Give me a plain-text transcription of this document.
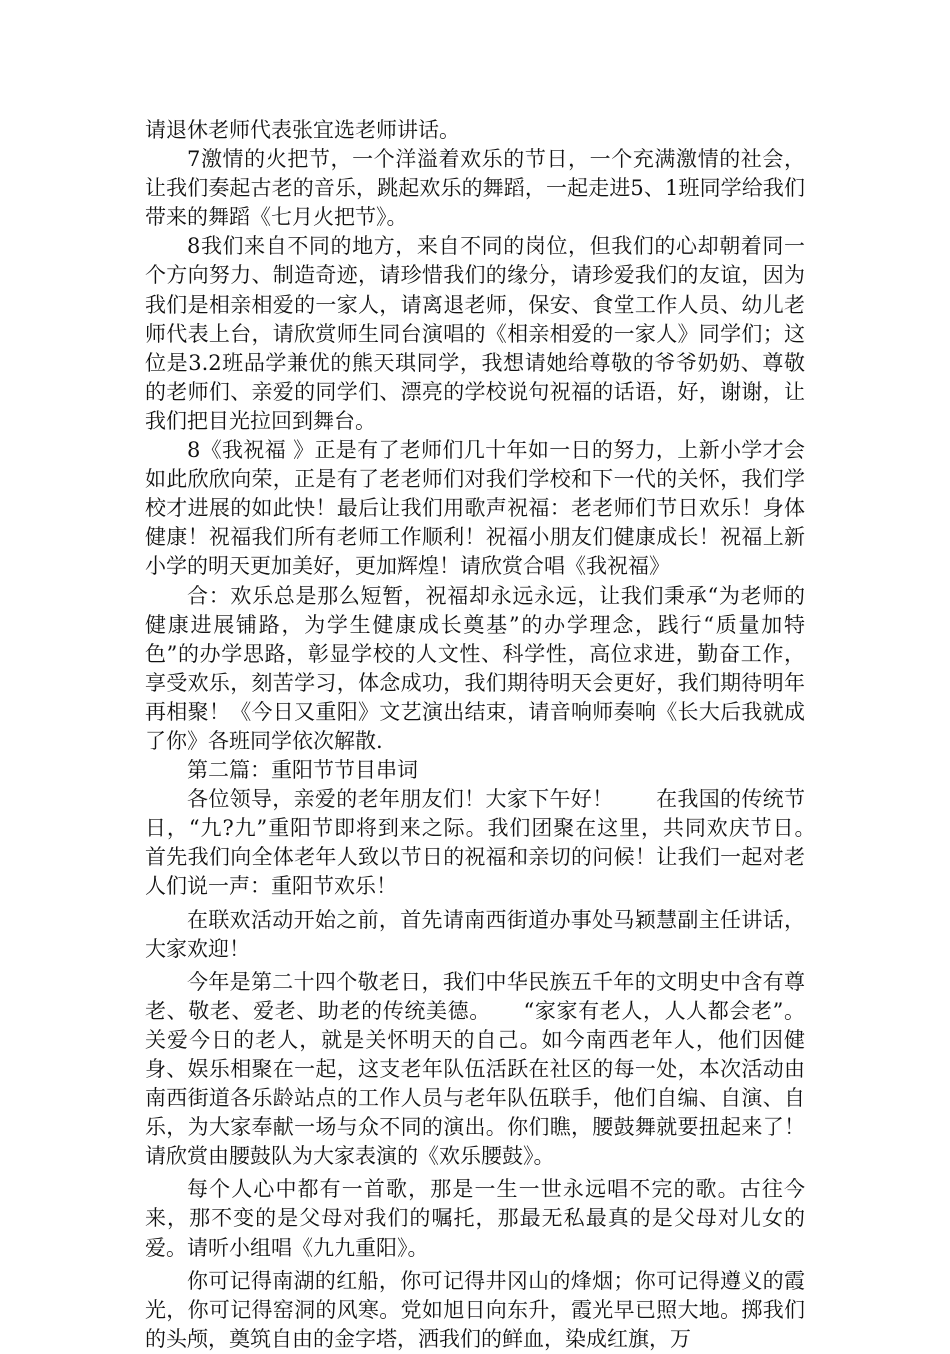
请退休老师代表张宜选老师讲话。

7激情的火把节，一个洋溢着欢乐的节日，一个充满激情的社会，让我们奏起古老的音乐，跳起欢乐的舞蹈，一起走进5、1班同学给我们带来的舞蹈《七月火把节》。

8我们来自不同的地方，来自不同的岗位，但我们的心却朝着同一个方向努力、制造奇迹，请珍惜我们的缘分，请珍爱我们的友谊，因为我们是相亲相爱的一家人，请离退老师，保安、食堂工作人员、幼儿老师代表上台，请欣赏师生同台演唱的《相亲相爱的一家人》同学们；这位是3.2班品学兼优的熊天琪同学，我想请她给尊敬的爷爷奶奶、尊敬的老师们、亲爱的同学们、漂亮的学校说句祝福的话语，好，谢谢，让我们把目光拉回到舞台。

8《我祝福 》正是有了老师们几十年如一日的努力，上新小学才会如此欣欣向荣，正是有了老老师们对我们学校和下一代的关怀，我们学校才进展的如此快！最后让我们用歌声祝福：老老师们节日欢乐！身体健康！祝福我们所有老师工作顺利！祝福小朋友们健康成长！祝福上新小学的明天更加美好，更加辉煌！请欣赏合唱《我祝福》

合：欢乐总是那么短暂，祝福却永远永远，让我们秉承“为老师的健康进展铺路，为学生健康成长奠基”的办学理念，践行“质量加特色”的办学思路，彰显学校的人文性、科学性，高位求进，勤奋工作，享受欢乐，刻苦学习，体念成功，我们期待明天会更好，我们期待明年再相聚！《今日又重阳》文艺演出结束，请音响师奏响《长大后我就成了你》各班同学依次解散.

第二篇：重阳节节目串词

各位领导，亲爱的老年朋友们！大家下午好！　　在我国的传统节日，“九?九”重阳节即将到来之际。我们团聚在这里，共同欢庆节日。　　首先我们向全体老年人致以节日的祝福和亲切的问候！让我们一起对老人们说一声：重阳节欢乐！

在联欢活动开始之前，首先请南西街道办事处马颖慧副主任讲话，大家欢迎！

今年是第二十四个敬老日，我们中华民族五千年的文明史中含有尊老、敬老、爱老、助老的传统美德。　　“家家有老人，人人都会老”。关爱今日的老人，就是关怀明天的自己。如今南西老年人，他们因健身、娱乐相聚在一起，这支老年队伍活跃在社区的每一处，本次活动由南西街道各乐龄站点的工作人员与老年队伍联手，他们自编、自演、自乐，为大家奉献一场与众不同的演出。你们瞧，腰鼓舞就要扭起来了！　　请欣赏由腰鼓队为大家表演的《欢乐腰鼓》。

每个人心中都有一首歌，那是一生一世永远唱不完的歌。古往今来，那不变的是父母对我们的嘱托，那最无私最真的是父母对儿女的爱。请听小组唱《九九重阳》。

你可记得南湖的红船，你可记得井冈山的烽烟；你可记得遵义的霞光，你可记得窑洞的风寒。党如旭日向东升，霞光早已照大地。掷我们的头颅，奠筑自由的金字塔，洒我们的鲜血，染成红旗，万
